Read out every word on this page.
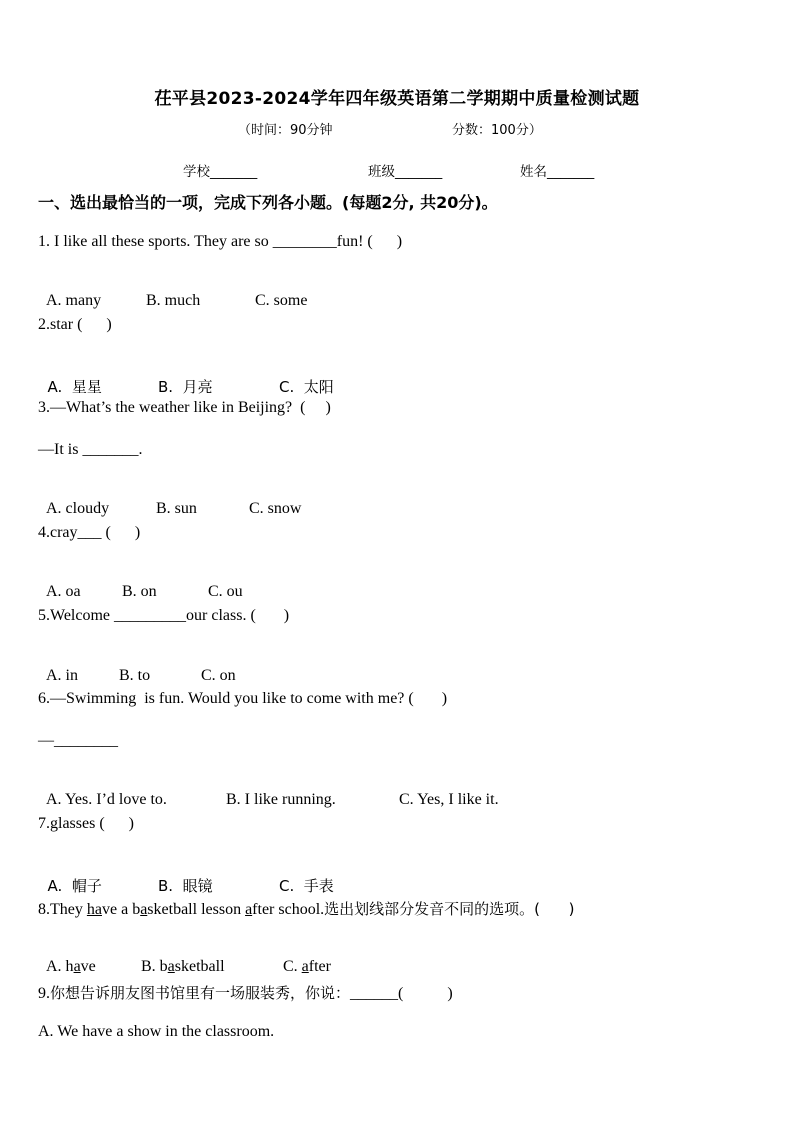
茌平县2023-2024学年四年级英语第二学期期中质量检测试题
（时间：90分钟	分数：100分）
学校_______	班级_______	姓名_______
一、选出最恰当的一项，完成下列各小题。(每题2分, 共20分)。
1. I like all these sports. They are so ________fun! (      )

A. many	B. much	C. some

2.star (      )

A.  星星	B.  月亮	C.  太阳

3.—What’s the weather like in Beijing?  (     )
—It is _______.

A. cloudy	B. sun	C. snow

4.cray___ (      )

A. oa	B. on	C. ou

5.Welcome _________our class. (       )

A. in	B. to	C. on

6.—Swimming  is fun. Would you like to come with me? (       )
—________

A. Yes. I’d love to.	B. I like running.	C. Yes, I like it.

7.glasses (      )

A.  帽子	B.  眼镜	C.  手表

8.They have a basketball lesson after school.选出划线部分发音不同的选项。(      )

A. have	B. basketball	C. after

9.你想告诉朋友图书馆里有一场服装秀，你说：______(           )
A. We have a show in the classroom.
